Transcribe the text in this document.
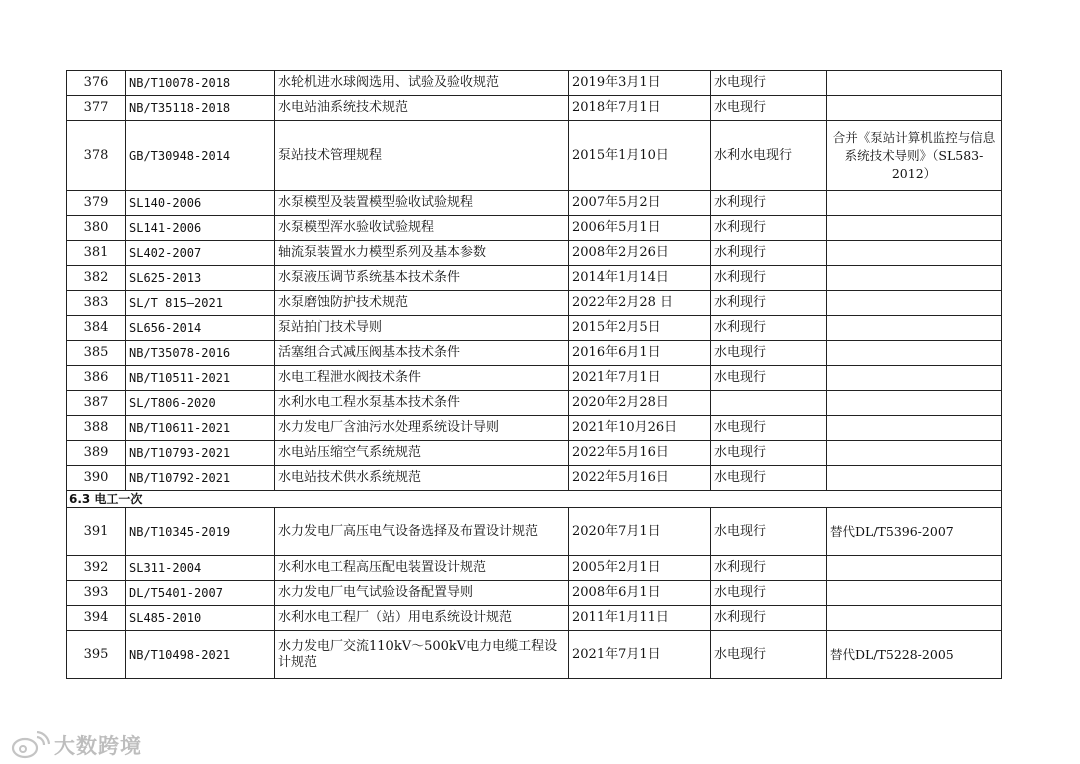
376	NB/T10078-2018	水轮机进水球阀选用、试验及验收规范	2019年3月1日	水电现行	
377	NB/T35118-2018	水电站油系统技术规范	2018年7月1日	水电现行	
378	GB/T30948-2014	泵站技术管理规程	2015年1月10日	水利水电现行	合并《泵站计算机监控与信息系统技术导则》（SL583-2012）
379	SL140-2006	水泵模型及装置模型验收试验规程	2007年5月2日	水利现行	
380	SL141-2006	水泵模型浑水验收试验规程	2006年5月1日	水利现行	
381	SL402-2007	轴流泵装置水力模型系列及基本参数	2008年2月26日	水利现行	
382	SL625-2013	水泵液压调节系统基本技术条件	2014年1月14日	水利现行	
383	SL/T 815—2021	水泵磨蚀防护技术规范	2022年2月28 日	水利现行	
384	SL656-2014	泵站拍门技术导则	2015年2月5日	水利现行	
385	NB/T35078-2016	活塞组合式减压阀基本技术条件	2016年6月1日	水电现行	
386	NB/T10511-2021	水电工程泄水阀技术条件	2021年7月1日	水电现行	
387	SL/T806-2020	水利水电工程水泵基本技术条件	2020年2月28日		
388	NB/T10611-2021	水力发电厂含油污水处理系统设计导则	2021年10月26日	水电现行	
389	NB/T10793-2021	水电站压缩空气系统规范	2022年5月16日	水电现行	
390	NB/T10792-2021	水电站技术供水系统规范	2022年5月16日	水电现行	
6.3 电工一次					
391	NB/T10345-2019	水力发电厂高压电气设备选择及布置设计规范	2020年7月1日	水电现行	替代DL/T5396-2007
392	SL311-2004	水利水电工程高压配电装置设计规范	2005年2月1日	水利现行	
393	DL/T5401-2007	水力发电厂电气试验设备配置导则	2008年6月1日	水电现行	
394	SL485-2010	水利水电工程厂（站）用电系统设计规范	2011年1月11日	水利现行	
395	NB/T10498-2021	水力发电厂交流110kV～500kV电力电缆工程设计规范	2021年7月1日	水电现行	替代DL/T5228-2005
大数跨境
